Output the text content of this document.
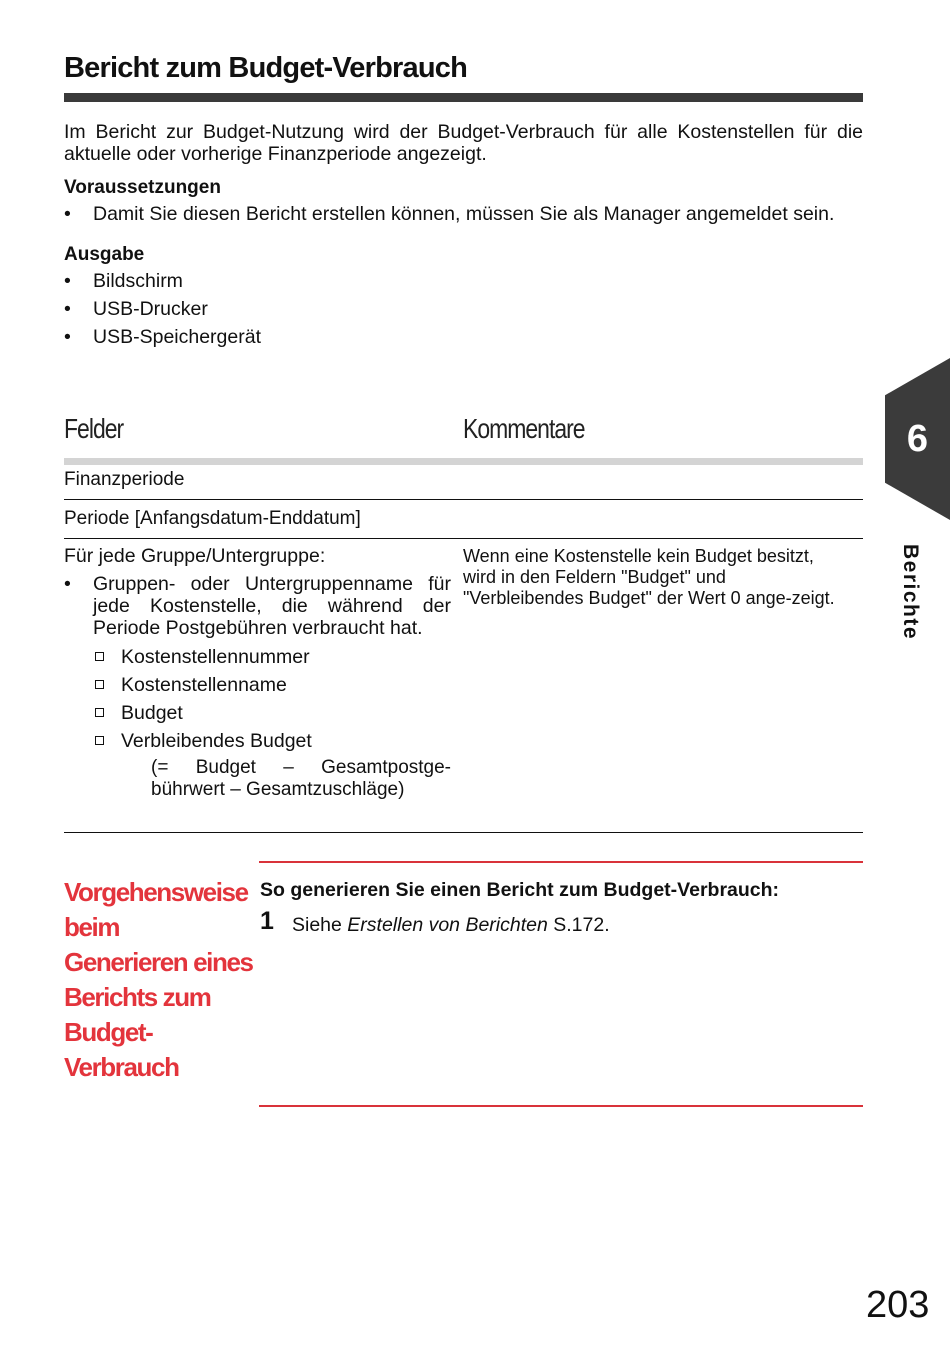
Bericht zum Budget-Verbrauch
Im Bericht zur Budget-Nutzung wird der Budget-Verbrauch für alle Kostenstellen für die aktuelle oder vorherige Finanzperiode angezeigt.
Voraussetzungen
• Damit Sie diesen Bericht erstellen können, müssen Sie als Manager angemeldet sein.
Ausgabe
• Bildschirm
• USB-Drucker
• USB-Speichergerät
Felder	Kommentare
Finanzperiode
Periode [Anfangsdatum-Enddatum]
Für jede Gruppe/Untergruppe:
• Gruppen- oder Untergruppenname für jede Kostenstelle, die während der Periode Postgebühren verbraucht hat.
Kostenstellennummer
Kostenstellenname
Budget
Verbleibendes Budget
(= Budget – Gesamtpostge-bührwert – Gesamtzuschläge)
Wenn eine Kostenstelle kein Budget besitzt, wird in den Feldern "Budget" und "Verbleibendes Budget" der Wert 0 ange-zeigt.
Vorgehensweise
beim
Generieren eines
Berichts zum
Budget-
Verbrauch
So generieren Sie einen Bericht zum Budget-Verbrauch:
1 Siehe Erstellen von Berichten S.172.
6
Berichte
203
